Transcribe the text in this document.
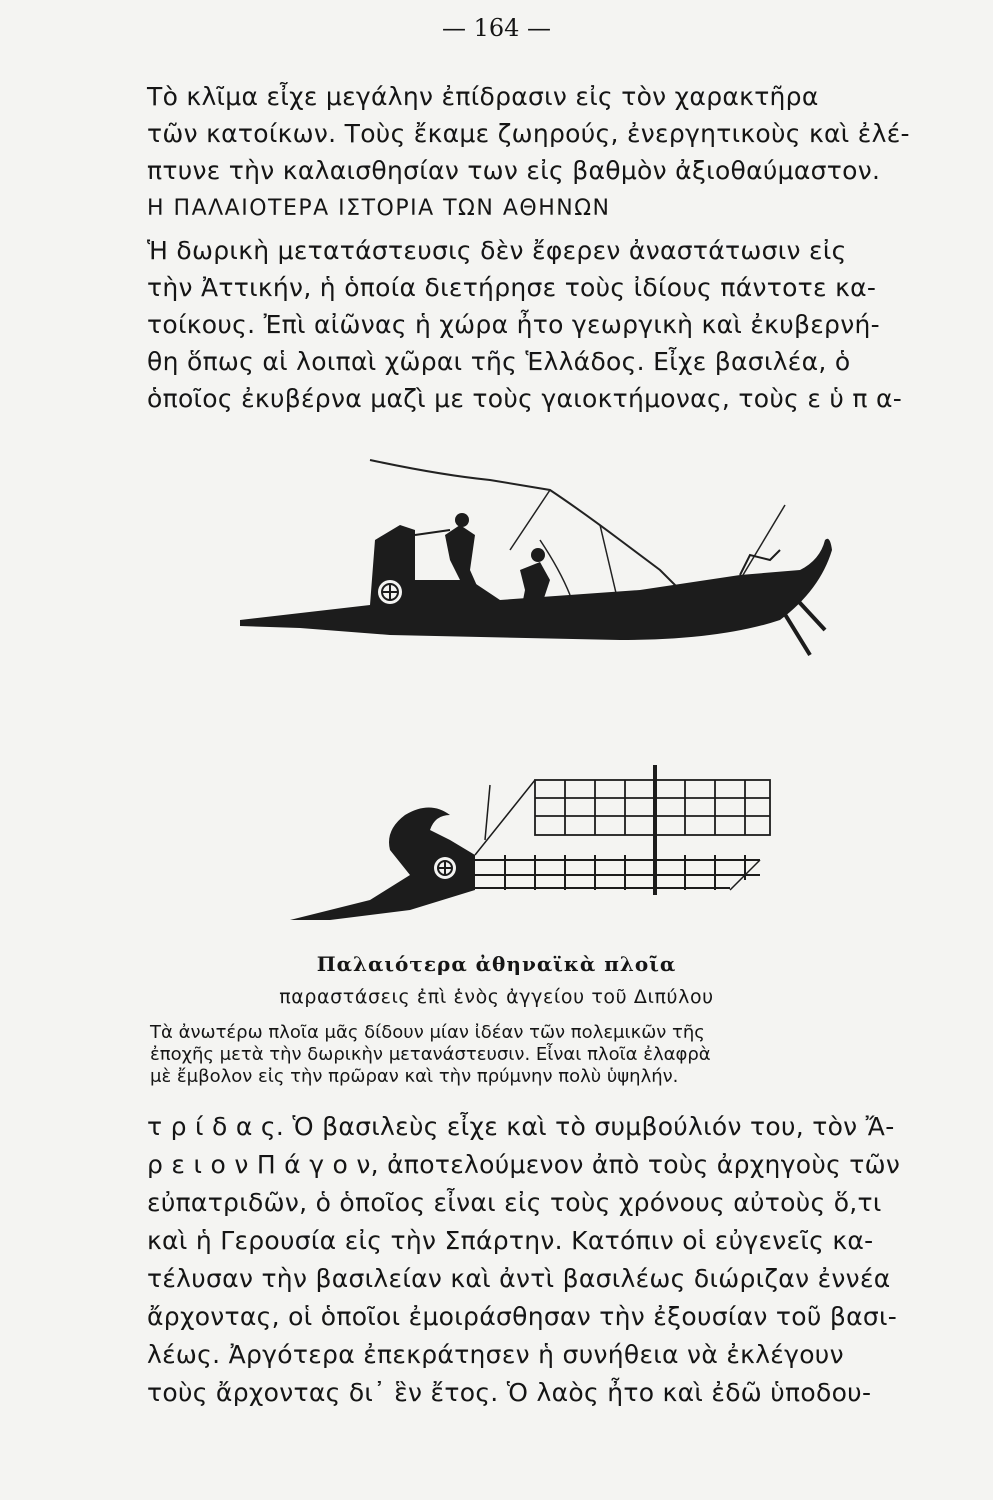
— 164 —
Τὸ κλῖμα εἶχε μεγάλην ἐπίδρασιν εἰς τὸν χαρακτῆρα
τῶν κατοίκων. Τοὺς ἔκαμε ζωηρούς, ἐνεργητικοὺς καὶ ἐλέ-
πτυνε τὴν καλαισθησίαν των εἰς βαθμὸν ἀξιοθαύμαστον.
Η ΠΑΛΑΙΟΤΕΡΑ ΙΣΤΟΡΙΑ ΤΩΝ ΑΘΗΝΩΝ
Ἡ δωρικὴ μετατάστευσις δὲν ἔφερεν ἀναστάτωσιν εἰς
τὴν Ἀττικήν, ἡ ὁποία διετήρησε τοὺς ἰδίους πάντοτε κα-
τοίκους. Ἐπὶ αἰῶνας ἡ χώρα ἦτο γεωργικὴ καὶ ἐκυβερνή-
θη ὅπως αἱ λοιπαὶ χῶραι τῆς Ἑλλάδος. Εἶχε βασιλέα, ὁ
ὁποῖος ἐκυβέρνα μαζὶ με τοὺς γαιοκτήμονας, τοὺς ε ὑ π α-
Παλαιότερα ἀθηναϊκὰ πλοῖα
παραστάσεις ἐπὶ ἑνὸς ἀγγείου τοῦ Διπύλου
Τὰ ἀνωτέρω πλοῖα μᾶς δίδουν μίαν ἰδέαν τῶν πολεμικῶν τῆς
ἐποχῆς μετὰ τὴν δωρικὴν μετανάστευσιν. Εἶναι πλοῖα ἐλαφρὰ
μὲ ἔμβολον εἰς τὴν πρῶραν καὶ τὴν πρύμνην πολὺ ὑψηλήν.
τ ρ ί δ α ς. Ὁ βασιλεὺς εἶχε καὶ τὸ συμβούλιόν του, τὸν Ἄ-
ρ ε ι ο ν Π ά γ ο ν, ἀποτελούμενον ἀπὸ τοὺς ἀρχηγοὺς τῶν
εὐπατριδῶν, ὁ ὁποῖος εἶναι εἰς τοὺς χρόνους αὐτοὺς ὅ,τι
καὶ ἡ Γερουσία εἰς τὴν Σπάρτην. Κατόπιν οἱ εὐγενεῖς κα-
τέλυσαν τὴν βασιλείαν καὶ ἀντὶ βασιλέως διώριζαν ἐννέα
ἄρχοντας, οἱ ὁποῖοι ἐμοιράσθησαν τὴν ἐξουσίαν τοῦ βασι-
λέως. Ἀργότερα ἐπεκράτησεν ἡ συνήθεια νὰ ἐκλέγουν
τοὺς ἄρχοντας δι᾽ ἓν ἔτος. Ὁ λαὸς ἦτο καὶ ἐδῶ ὑποδου-
